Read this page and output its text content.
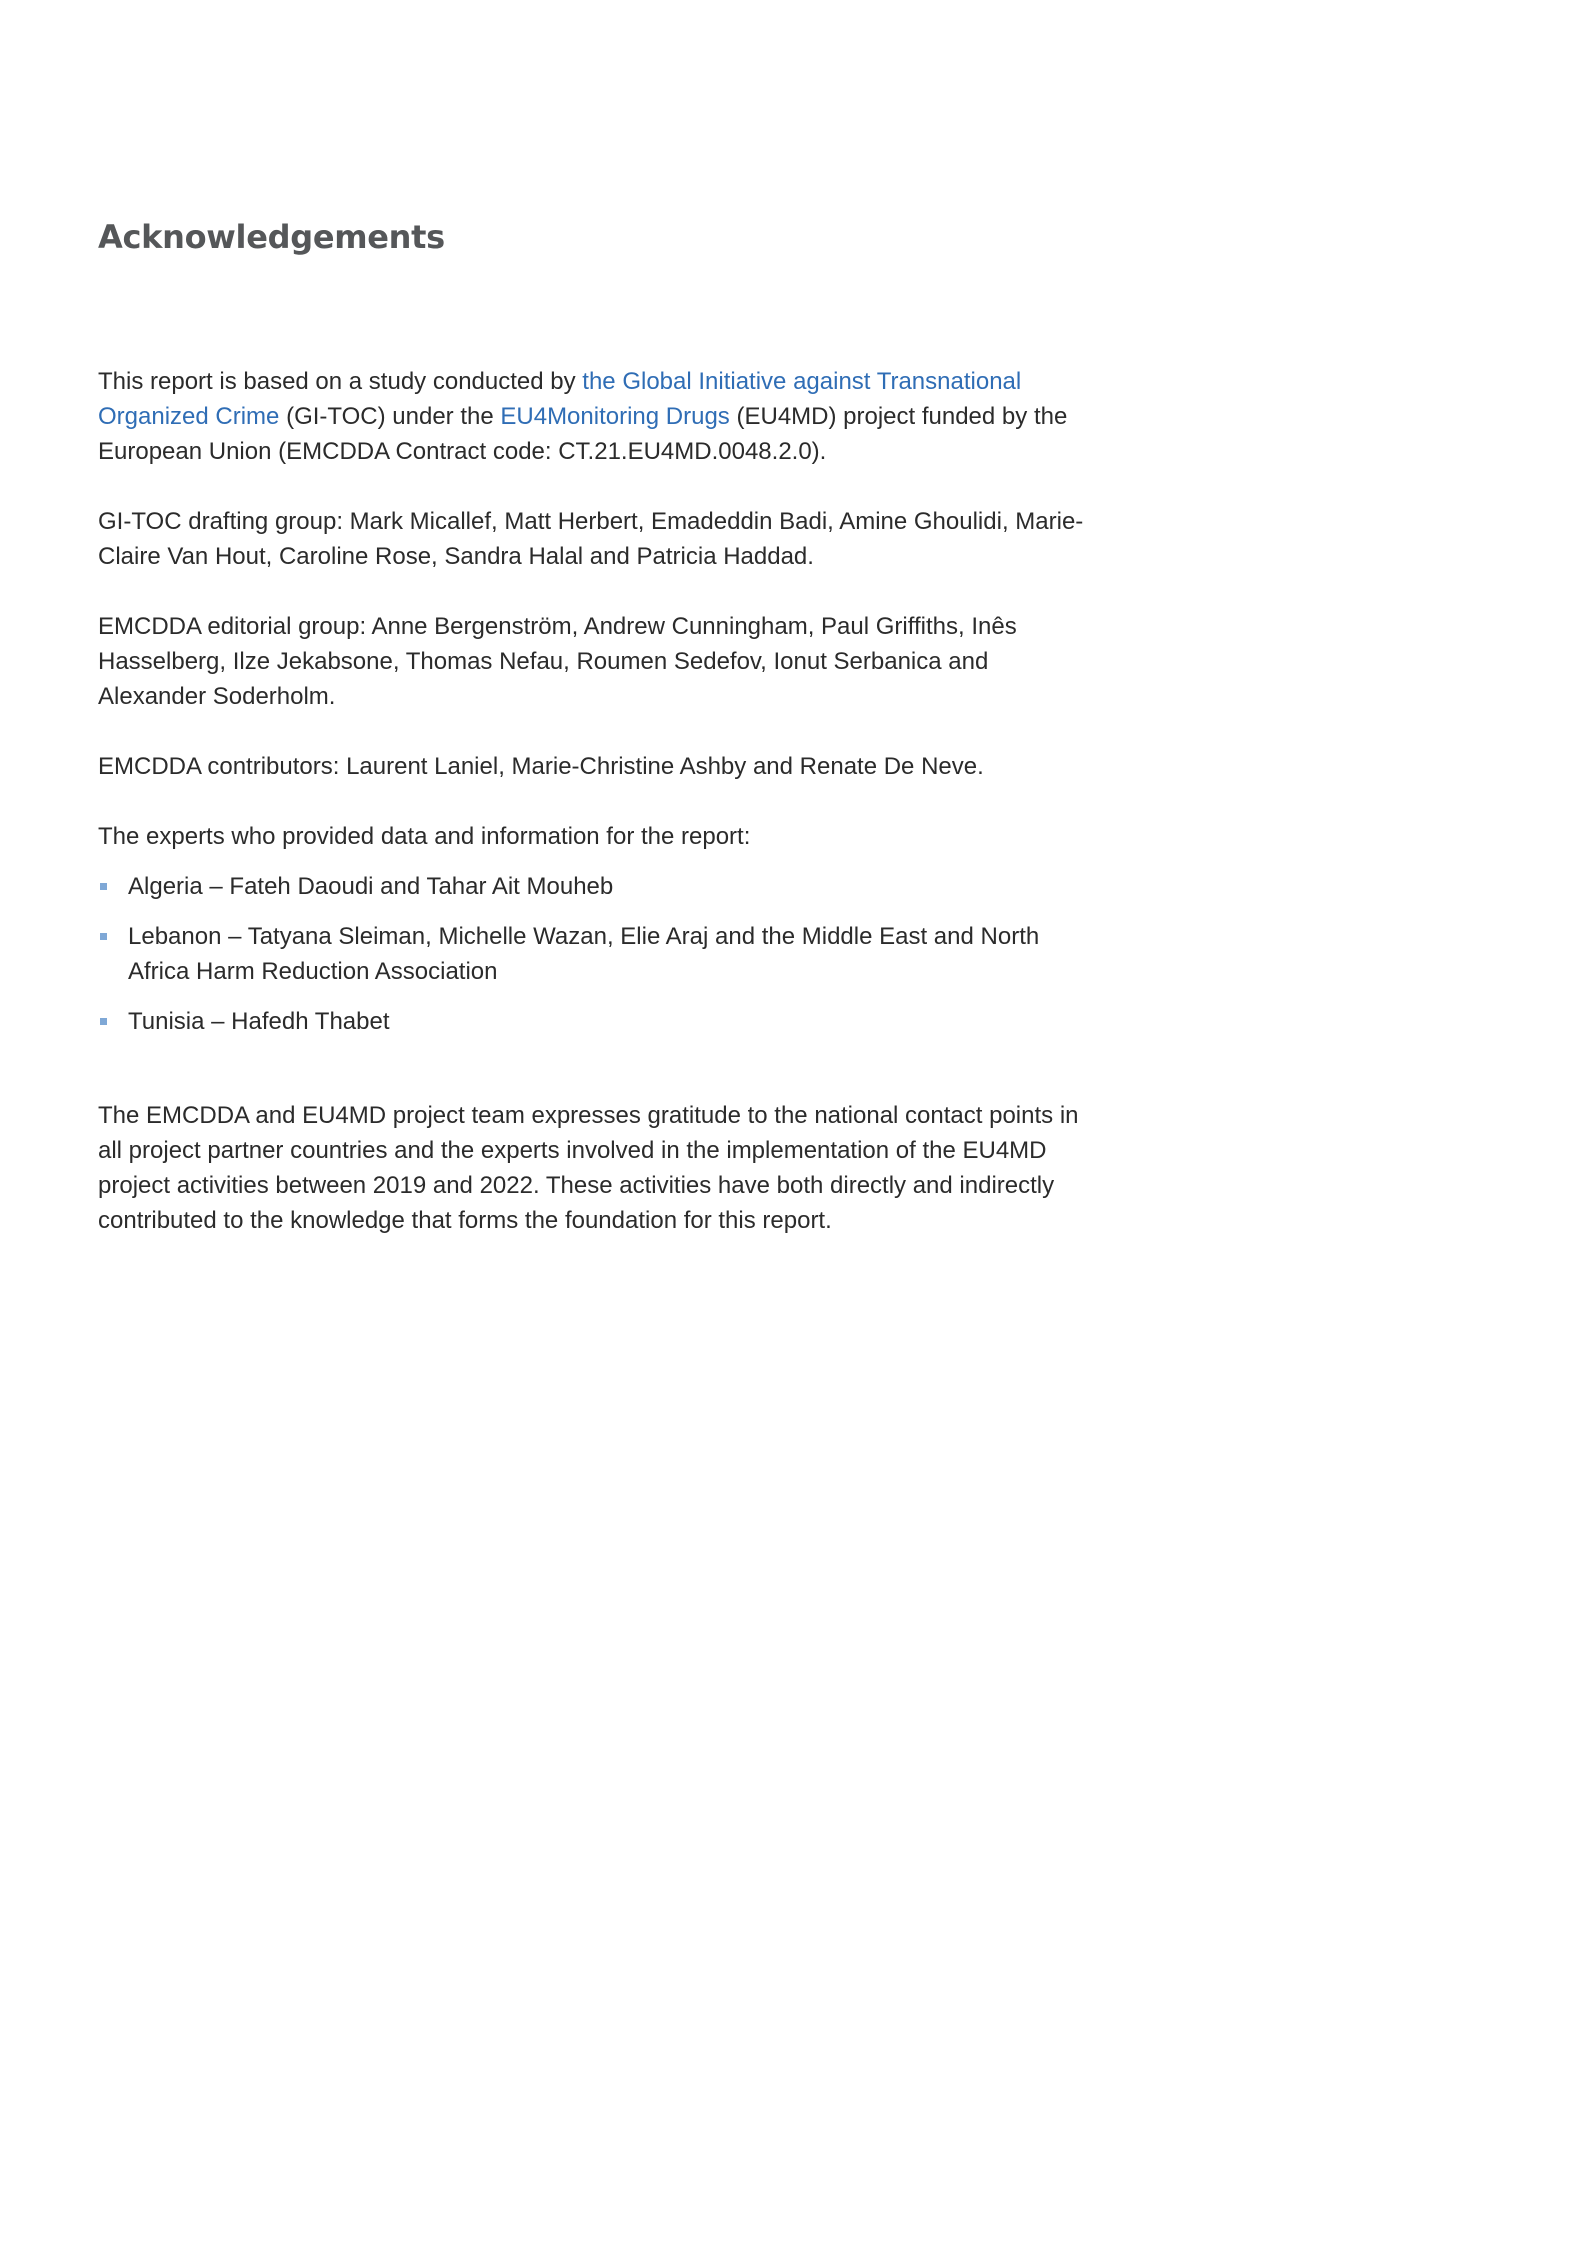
Acknowledgements

This report is based on a study conducted by the Global Initiative against Transnational Organized Crime (GI-TOC) under the EU4Monitoring Drugs (EU4MD) project funded by the European Union (EMCDDA Contract code: CT.21.EU4MD.0048.2.0).

GI-TOC drafting group: Mark Micallef, Matt Herbert, Emadeddin Badi, Amine Ghoulidi, Marie-Claire Van Hout, Caroline Rose, Sandra Halal and Patricia Haddad.

EMCDDA editorial group: Anne Bergenström, Andrew Cunningham, Paul Griffiths, Inês Hasselberg, Ilze Jekabsone, Thomas Nefau, Roumen Sedefov, Ionut Serbanica and Alexander Soderholm.

EMCDDA contributors: Laurent Laniel, Marie-Christine Ashby and Renate De Neve.

The experts who provided data and information for the report:

Algeria – Fateh Daoudi and Tahar Ait Mouheb
Lebanon – Tatyana Sleiman, Michelle Wazan, Elie Araj and the Middle East and North Africa Harm Reduction Association
Tunisia – Hafedh Thabet

The EMCDDA and EU4MD project team expresses gratitude to the national contact points in all project partner countries and the experts involved in the implementation of the EU4MD project activities between 2019 and 2022. These activities have both directly and indirectly contributed to the knowledge that forms the foundation for this report.
